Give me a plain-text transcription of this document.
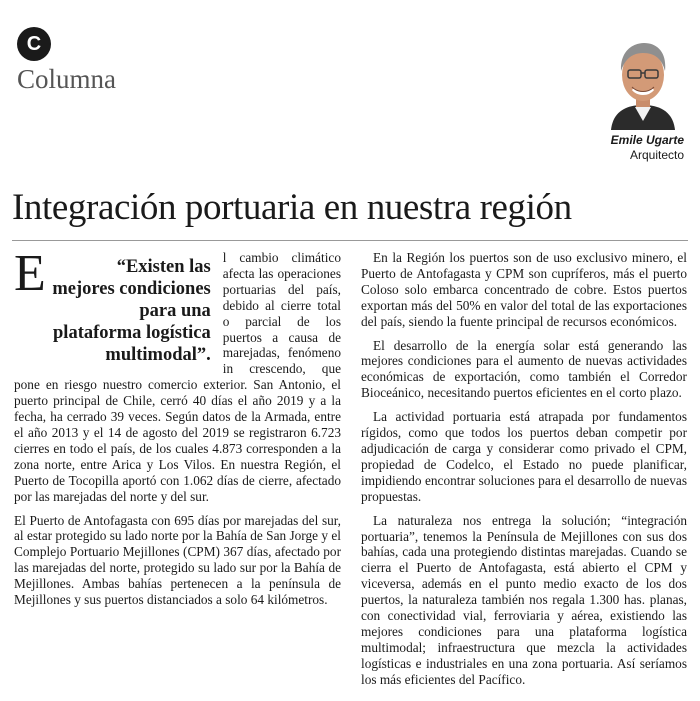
C
Columna
Emile Ugarte
Arquitecto
Integración portuaria en nuestra región

E	“Existen las mejores condiciones para una plataforma logística multimodal”.
l cambio climático afecta las operaciones portuarias del país, debido al cierre total o parcial de los puertos a causa de marejadas, fenómeno in crescendo, que pone en riesgo nuestro comercio exterior. San Antonio, el puerto principal de Chile, cerró 40 días el año 2019 y a la fecha, ha cerrado 39 veces. Según datos de la Armada, entre el año 2013 y el 14 de agosto del 2019 se registraron 6.723 cierres en todo el país, de los cuales 4.873 corresponden a la zona norte, entre Arica y Los Vilos. En nuestra Región, el Puerto de Tocopilla aportó con 1.062 días de cierre, afectado por las marejadas del norte y del sur.

El Puerto de Antofagasta con 695 días por marejadas del sur, al estar protegido su lado norte por la Bahía de San Jorge y el Complejo Portuario Mejillones (CPM) 367 días, afectado por las marejadas del norte, protegido su lado sur por la Bahía de Mejillones. Ambas bahías pertenecen a la península de Mejillones y sus puertos distanciados a solo 64 kilómetros.

En la Región los puertos son de uso exclusivo minero, el Puerto de Antofagasta y CPM son cupríferos, más el puerto Coloso solo embarca concentrado de cobre. Estos puertos exportan más del 50% en valor del total de las exportaciones del país, siendo la fuente principal de recursos económicos.

El desarrollo de la energía solar está generando las mejores condiciones para el aumento de nuevas actividades económicas de exportación, como también el Corredor Bioceánico, necesitando puertos eficientes en el corto plazo.

La actividad portuaria está atrapada por fundamentos rígidos, como que todos los puertos deban competir por adjudicación de carga y considerar como privado el CPM, propiedad de Codelco, el Estado no puede planificar, impidiendo encontrar soluciones para el desarrollo de nuevas propuestas.

La naturaleza nos entrega la solución; “integración portuaria”, tenemos la Península de Mejillones con sus dos bahías, cada una protegiendo distintas marejadas. Cuando se cierra el Puerto de Antofagasta, está abierto el CPM y viceversa, además en el punto medio exacto de los dos puertos, la naturaleza también nos regala 1.300 has. planas, con conectividad vial, ferroviaria y aérea, existiendo las mejores condiciones para una plataforma logística multimodal; infraestructura que mezcla la actividades logísticas e industriales en una zona portuaria. Así seríamos los más eficientes del Pacífico.
